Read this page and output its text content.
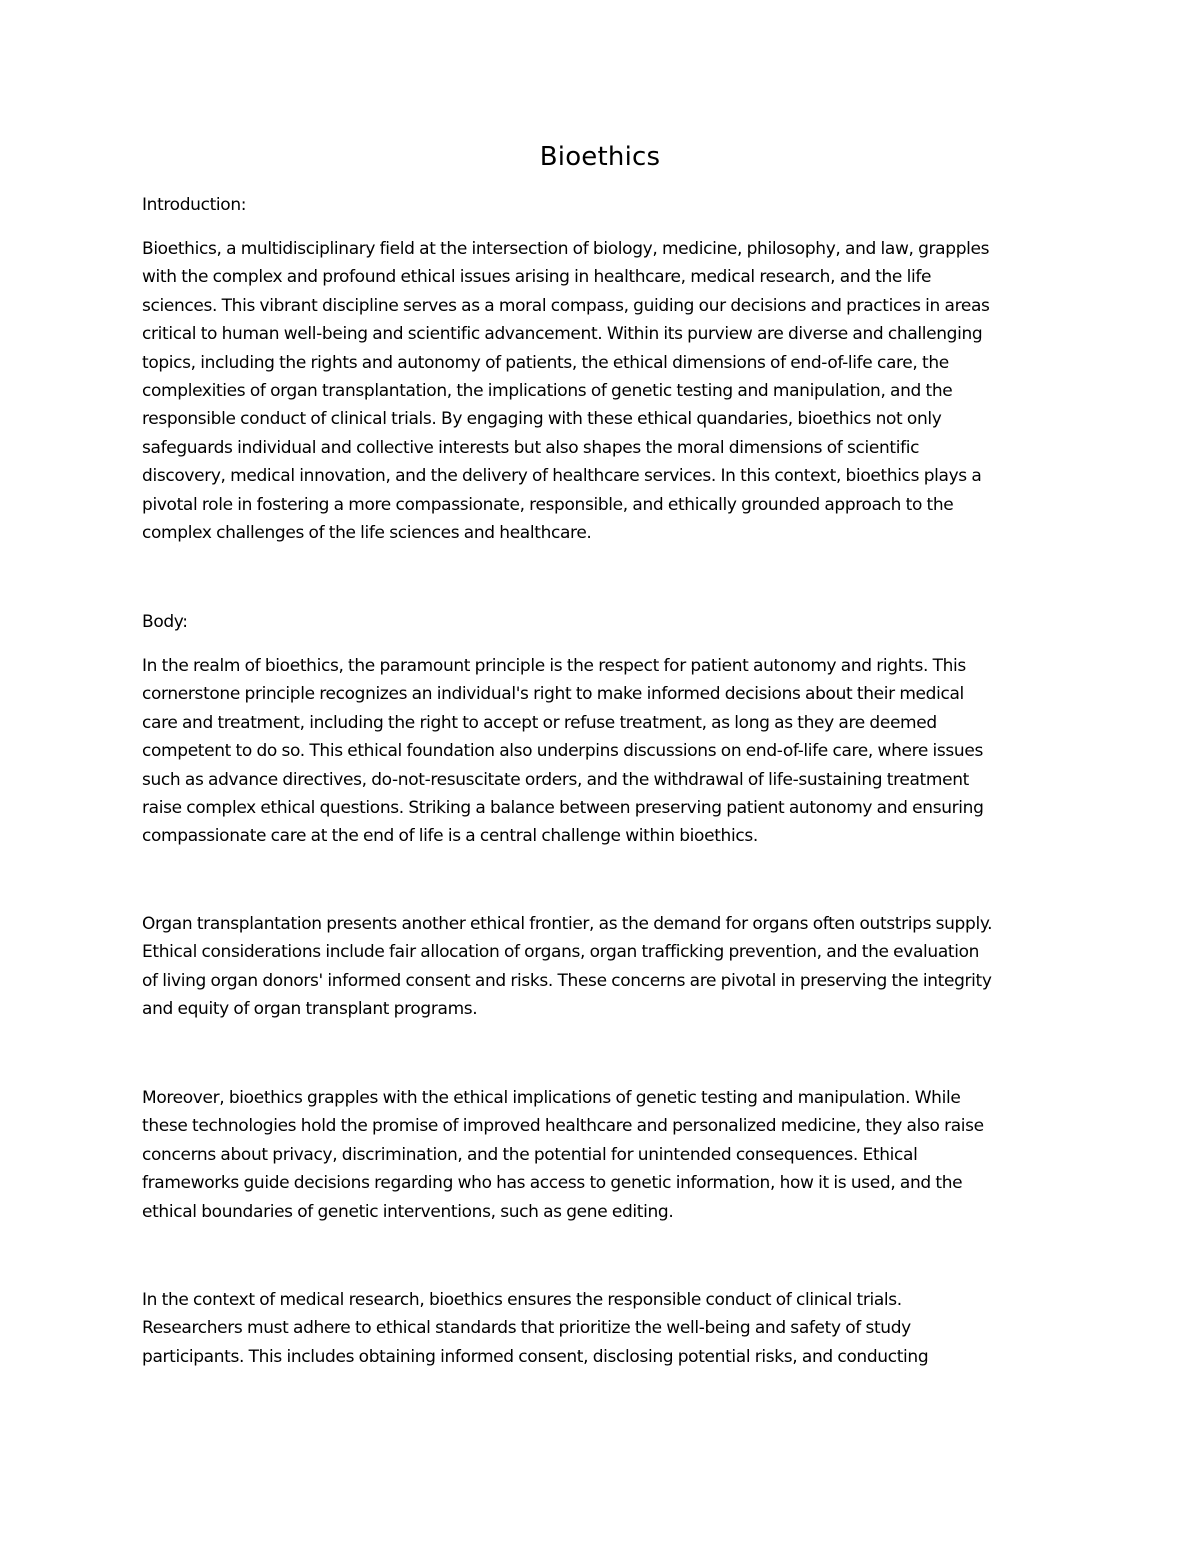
Bioethics

Introduction:

Bioethics, a multidisciplinary field at the intersection of biology, medicine, philosophy, and law, grapples
with the complex and profound ethical issues arising in healthcare, medical research, and the life
sciences. This vibrant discipline serves as a moral compass, guiding our decisions and practices in areas
critical to human well-being and scientific advancement. Within its purview are diverse and challenging
topics, including the rights and autonomy of patients, the ethical dimensions of end-of-life care, the
complexities of organ transplantation, the implications of genetic testing and manipulation, and the
responsible conduct of clinical trials. By engaging with these ethical quandaries, bioethics not only
safeguards individual and collective interests but also shapes the moral dimensions of scientific
discovery, medical innovation, and the delivery of healthcare services. In this context, bioethics plays a
pivotal role in fostering a more compassionate, responsible, and ethically grounded approach to the
complex challenges of the life sciences and healthcare.

Body:

In the realm of bioethics, the paramount principle is the respect for patient autonomy and rights. This
cornerstone principle recognizes an individual's right to make informed decisions about their medical
care and treatment, including the right to accept or refuse treatment, as long as they are deemed
competent to do so. This ethical foundation also underpins discussions on end-of-life care, where issues
such as advance directives, do-not-resuscitate orders, and the withdrawal of life-sustaining treatment
raise complex ethical questions. Striking a balance between preserving patient autonomy and ensuring
compassionate care at the end of life is a central challenge within bioethics.
Organ transplantation presents another ethical frontier, as the demand for organs often outstrips supply.
Ethical considerations include fair allocation of organs, organ trafficking prevention, and the evaluation
of living organ donors' informed consent and risks. These concerns are pivotal in preserving the integrity
and equity of organ transplant programs.
Moreover, bioethics grapples with the ethical implications of genetic testing and manipulation. While
these technologies hold the promise of improved healthcare and personalized medicine, they also raise
concerns about privacy, discrimination, and the potential for unintended consequences. Ethical
frameworks guide decisions regarding who has access to genetic information, how it is used, and the
ethical boundaries of genetic interventions, such as gene editing.
In the context of medical research, bioethics ensures the responsible conduct of clinical trials.
Researchers must adhere to ethical standards that prioritize the well-being and safety of study
participants. This includes obtaining informed consent, disclosing potential risks, and conducting
